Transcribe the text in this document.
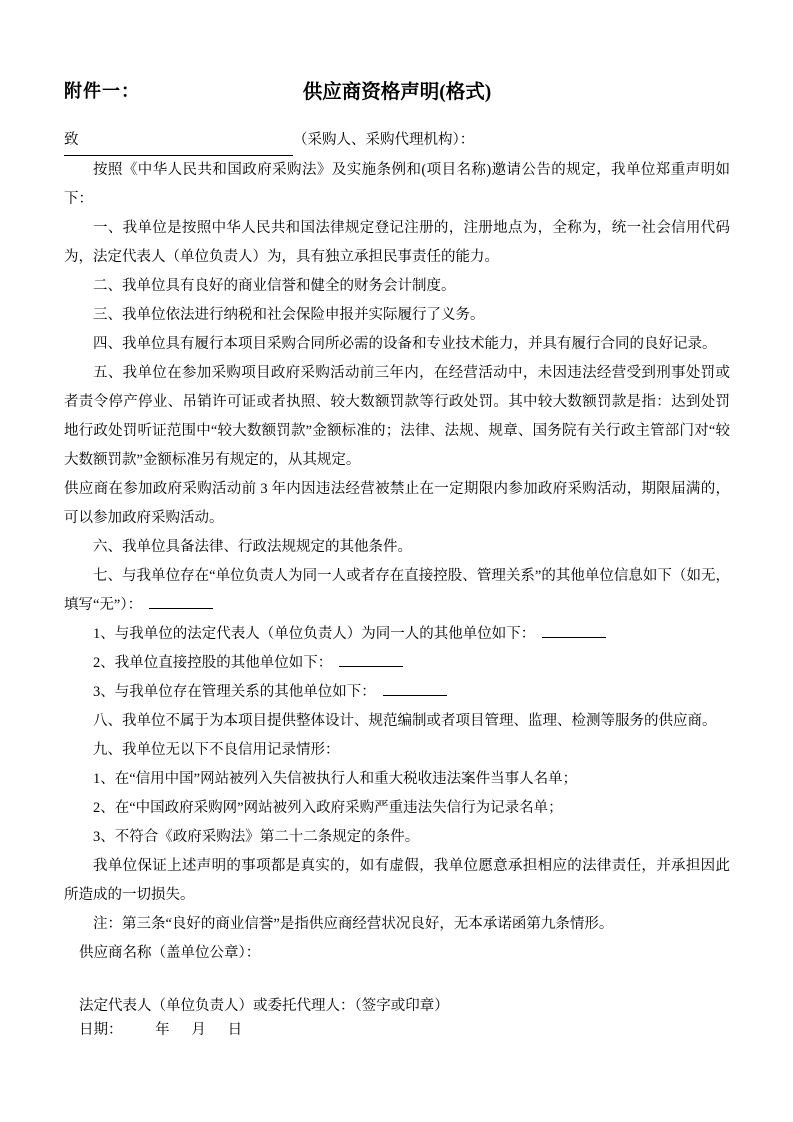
附件一：	供应商资格声明(格式)

致	（采购人、采购代理机构）：

按照《中华人民共和国政府采购法》及实施条例和(项目名称)邀请公告的规定，我单位郑重声明如下：

一、我单位是按照中华人民共和国法律规定登记注册的，注册地点为，全称为，统一社会信用代码为，法定代表人（单位负责人）为，具有独立承担民事责任的能力。

二、我单位具有良好的商业信誉和健全的财务会计制度。

三、我单位依法进行纳税和社会保险申报并实际履行了义务。

四、我单位具有履行本项目采购合同所必需的设备和专业技术能力，并具有履行合同的良好记录。

五、我单位在参加采购项目政府采购活动前三年内，在经营活动中，未因违法经营受到刑事处罚或者责令停产停业、吊销许可证或者执照、较大数额罚款等行政处罚。其中较大数额罚款是指：达到处罚地行政处罚听证范围中“较大数额罚款”金额标准的；法律、法规、规章、国务院有关行政主管部门对“较大数额罚款”金额标准另有规定的，从其规定。

供应商在参加政府采购活动前 3 年内因违法经营被禁止在一定期限内参加政府采购活动，期限届满的，可以参加政府采购活动。

六、我单位具备法律、行政法规规定的其他条件。

七、与我单位存在“单位负责人为同一人或者存在直接控股、管理关系”的其他单位信息如下（如无，填写“无”）：

1、与我单位的法定代表人（单位负责人）为同一人的其他单位如下：

2、我单位直接控股的其他单位如下：

3、与我单位存在管理关系的其他单位如下：

八、我单位不属于为本项目提供整体设计、规范编制或者项目管理、监理、检测等服务的供应商。

九、我单位无以下不良信用记录情形：

1、在“信用中国”网站被列入失信被执行人和重大税收违法案件当事人名单；

2、在“中国政府采购网”网站被列入政府采购严重违法失信行为记录名单；

3、不符合《政府采购法》第二十二条规定的条件。

我单位保证上述声明的事项都是真实的，如有虚假，我单位愿意承担相应的法律责任，并承担因此所造成的一切损失。

注：第三条“良好的商业信誉”是指供应商经营状况良好，无本承诺函第九条情形。

供应商名称（盖单位公章）：

法定代表人（单位负责人）或委托代理人：（签字或印章）

日期：         年      月      日
